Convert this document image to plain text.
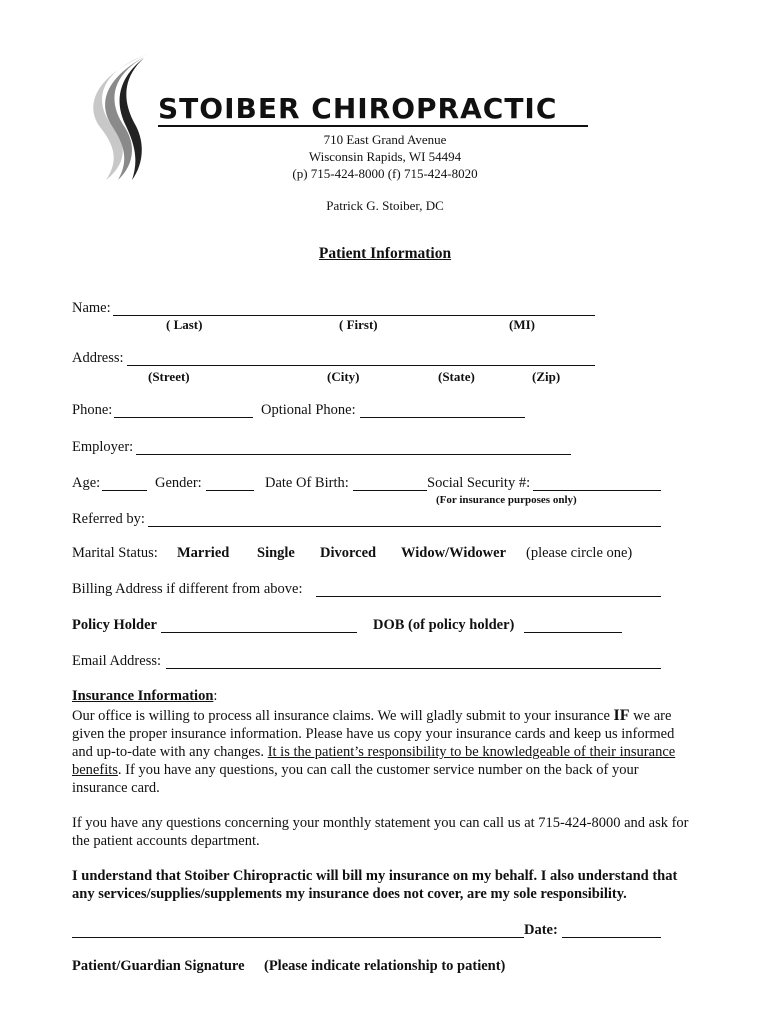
STOIBER CHIROPRACTIC
710 East Grand Avenue
Wisconsin Rapids, WI 54494
(p) 715-424-8000 (f) 715-424-8020
Patrick G. Stoiber, DC
Patient Information
Name:
( Last)	( First)	(MI)
Address:
(Street)	(City)	(State)	(Zip)
Phone:	Optional Phone:
Employer:
Age:	Gender:	Date Of Birth:	Social Security #:
(For insurance purposes only)
Referred by:
Marital Status: Married Single Divorced Widow/Widower (please circle one)
Billing Address if different from above:
Policy Holder	DOB (of policy holder)
Email Address:
Insurance Information:
Our office is willing to process all insurance claims. We will gladly submit to your insurance IF we are given the proper insurance information. Please have us copy your insurance cards and keep us informed and up-to-date with any changes. It is the patient’s responsibility to be knowledgeable of their insurance benefits. If you have any questions, you can call the customer service number on the back of your insurance card.
If you have any questions concerning your monthly statement you can call us at 715-424-8000 and ask for the patient accounts department.
I understand that Stoiber Chiropractic will bill my insurance on my behalf. I also understand that any services/supplies/supplements my insurance does not cover, are my sole responsibility.
Date:
Patient/Guardian Signature (Please indicate relationship to patient)
